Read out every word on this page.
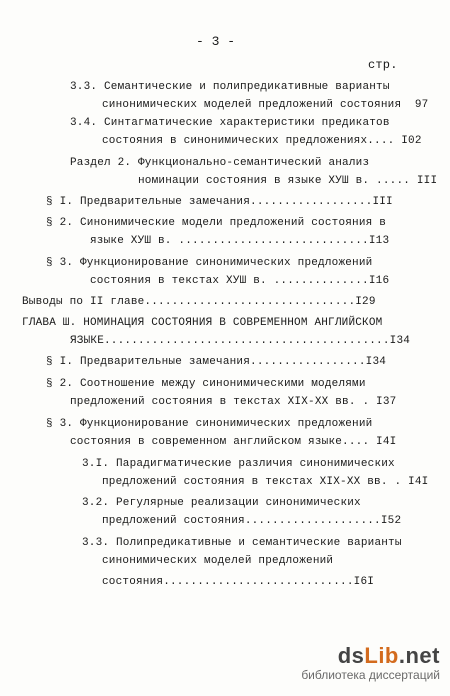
- 3 -
стр.
3.3. Семантические и полипредикативные варианты
синонимических моделей предложений состояния  97
3.4. Синтагматические характеристики предикатов
состояния в синонимических предложениях.... I02
Раздел 2. Функционально-семантический анализ
номинации состояния в языке ХУШ в. ..... III
§ I. Предварительные замечания..................III
§ 2. Синонимические модели предложений состояния в
языке ХУШ в. ............................I13
§ 3. Функционирование синонимических предложений
состояния в текстах ХУШ в. ..............I16
Выводы по II главе...............................I29
ГЛАВА Ш. НОМИНАЦИЯ СОСТОЯНИЯ В СОВРЕМЕННОМ АНГЛИЙСКОМ
ЯЗЫКЕ..........................................I34
§ I. Предварительные замечания.................I34
§ 2. Соотношение между синонимическими моделями
предложений состояния в текстах XIX-XX вв. . I37
§ 3. Функционирование синонимических предложений
состояния в современном английском языке.... I4I
3.I. Парадигматические различия синонимических
предложений состояния в текстах XIX-XX вв. . I4I
3.2. Регулярные реализации синонимических
предложений состояния....................I52
3.3. Полипредикативные и семантические варианты
синонимических моделей предложений
состояния............................I6I
dsLib.net
библиотека диссертаций
